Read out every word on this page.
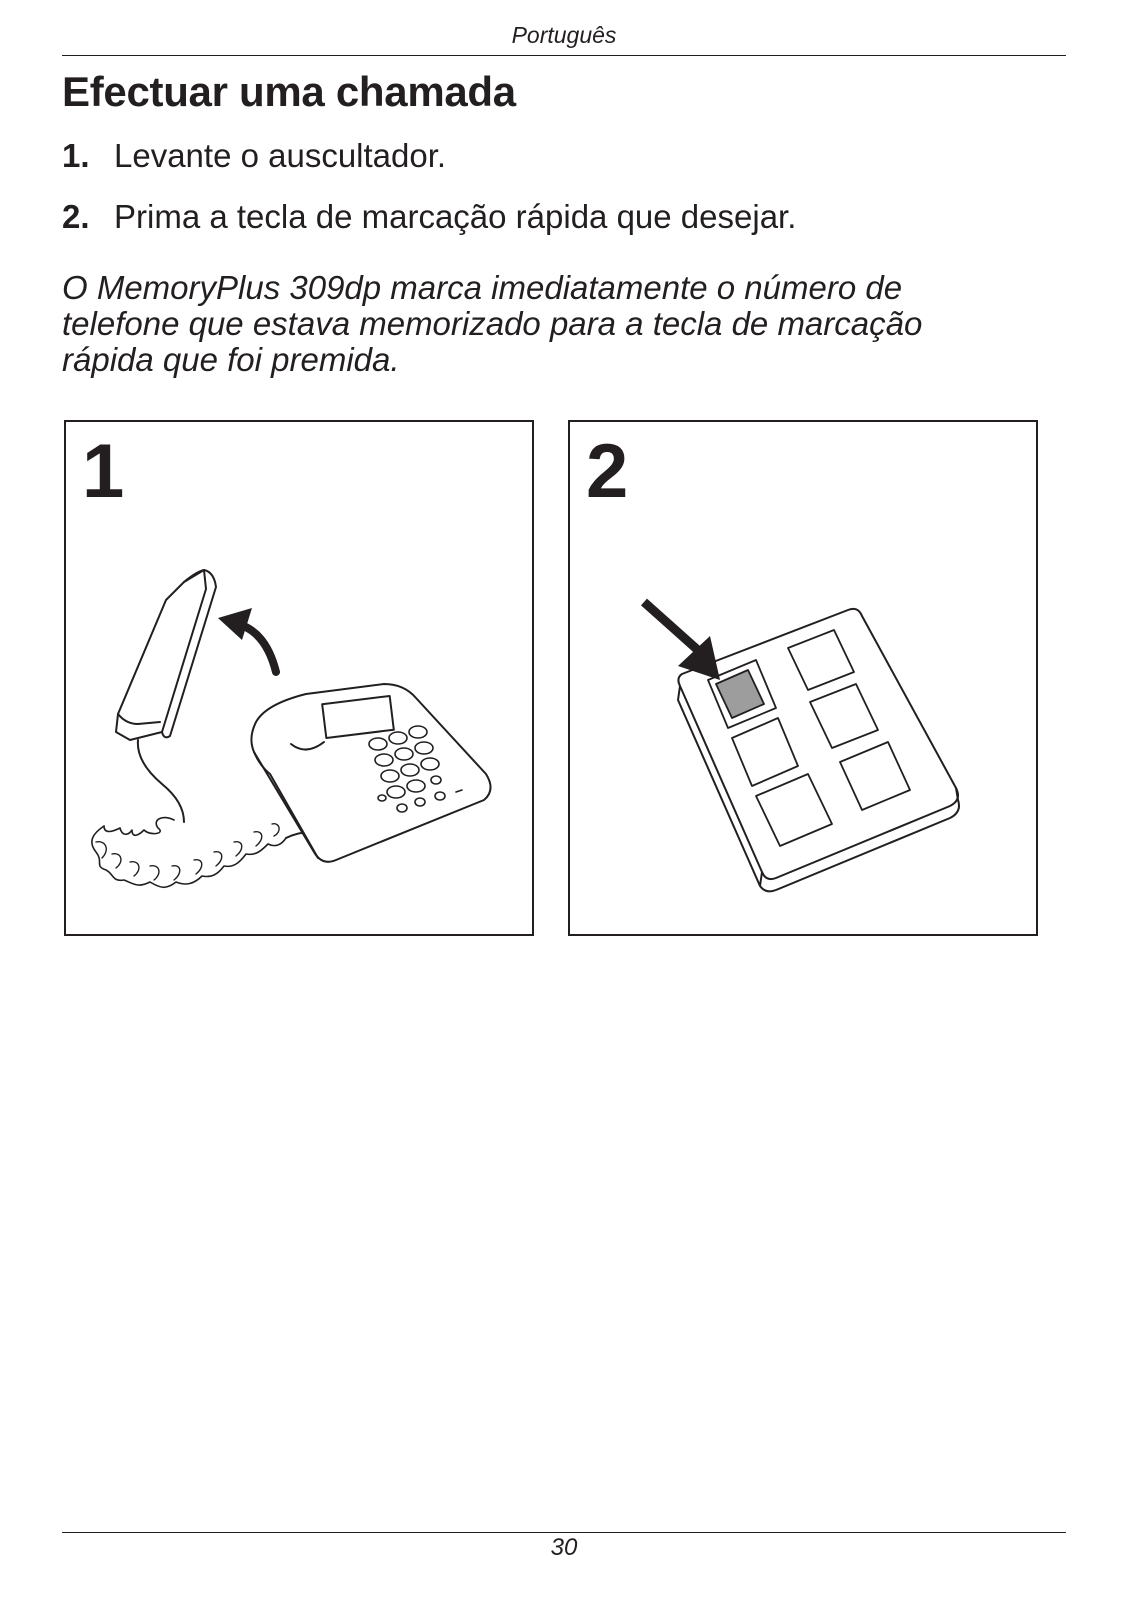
Português
Efectuar uma chamada
1. Levante o auscultador.
2. Prima a tecla de marcação rápida que desejar.

O MemoryPlus 309dp marca imediatamente o número de
telefone que estava memorizado para a tecla de marcação
rápida que foi premida.

1	2
30
